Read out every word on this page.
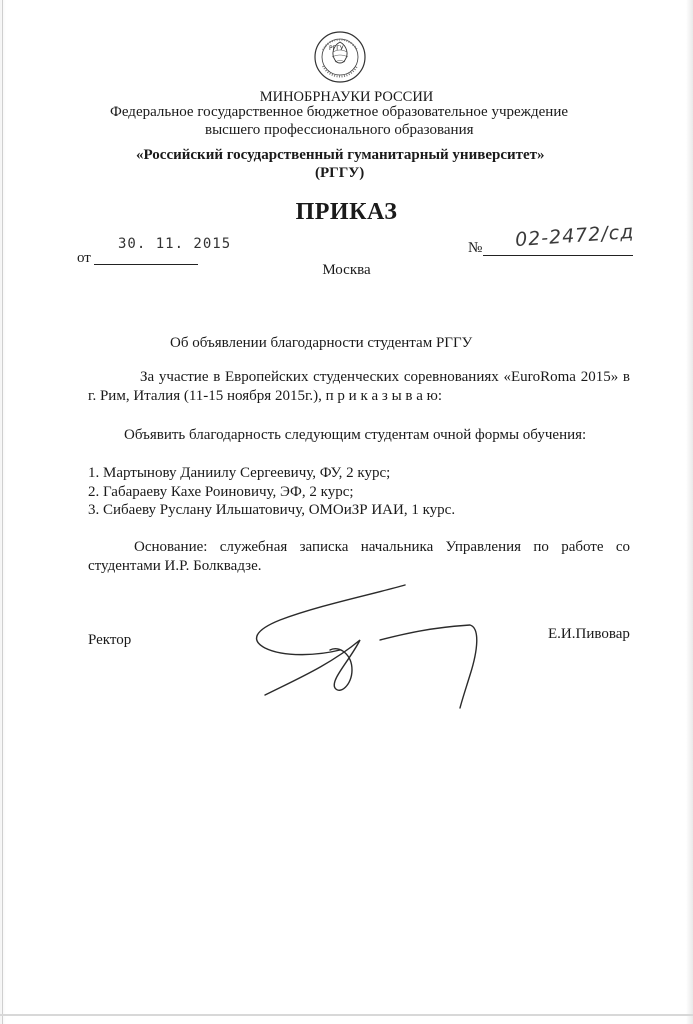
РГГУ
МИНОБРНАУКИ РОССИИ
Федеральное государственное бюджетное образовательное учреждение
высшего профессионального образования
«Российский государственный гуманитарный университет»
(РГГУ)
ПРИКАЗ
30. 11. 2015
от
№ 02-2472/сд
Москва
Об объявлении благодарности студентам РГГУ
За участие в Европейских студенческих соревнованиях «EuroRoma 2015» в г. Рим, Италия (11-15 ноября 2015г.), п р и к а з ы в а ю:
Объявить благодарность следующим студентам очной формы обучения:
1. Мартынову Даниилу Сергеевичу, ФУ, 2 курс;
2. Габараеву Кахе Роиновичу, ЭФ, 2 курс;
3. Сибаеву Руслану Ильшатовичу, ОМОиЗР ИАИ, 1 курс.
Основание: служебная записка начальника Управления по работе со студентами И.Р. Болквадзе.
Ректор	Е.И.Пивовар
